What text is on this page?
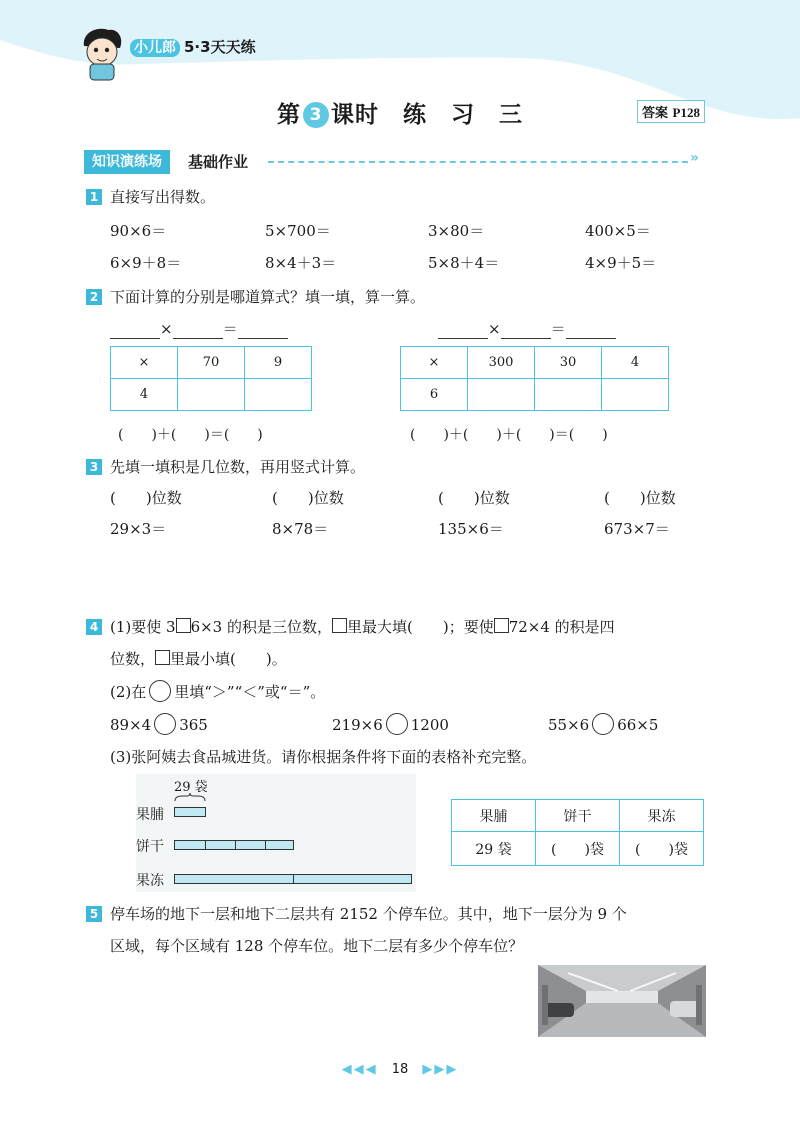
小儿郎 5·3天天练
第 3 课时　练　习　三	答案 P128
知识演练场	基础作业	»
1 直接写出得数。
90×6＝	5×700＝	3×80＝	400×5＝
6×9＋8＝	8×4＋3＝	5×8＋4＝	4×9＋5＝
2 下面计算的分别是哪道算式？填一填，算一算。
×	＝	×	＝
×	70	9
4		
×	300	30	4
6			
(　　)＋(　　)＝(　　)	(　　)＋(　　)＋(　　)＝(　　)
3 先填一填积是几位数，再用竖式计算。
(　　)位数	(　　)位数	(　　)位数	(　　)位数
29×3＝	8×78＝	135×6＝	673×7＝
4 (1)要使 3 6×3 的积是三位数， 里最大填(　　)；要使 72×4 的积是四
位数， 里最小填(　　)。
(2)在 里填“＞”“＜”或“＝”。
89×4 365	219×6 1200	55×6 66×5
(3)张阿姨去食品城进货。请你根据条件将下面的表格补充完整。
29 袋
果脯
饼干
果冻
果脯	饼干	果冻
29 袋	(　　)袋	(　　)袋
5 停车场的地下一层和地下二层共有 2152 个停车位。其中，地下一层分为 9 个
区域，每个区域有 128 个停车位。地下二层有多少个停车位？
◀◀◀ 18 ▶▶▶
